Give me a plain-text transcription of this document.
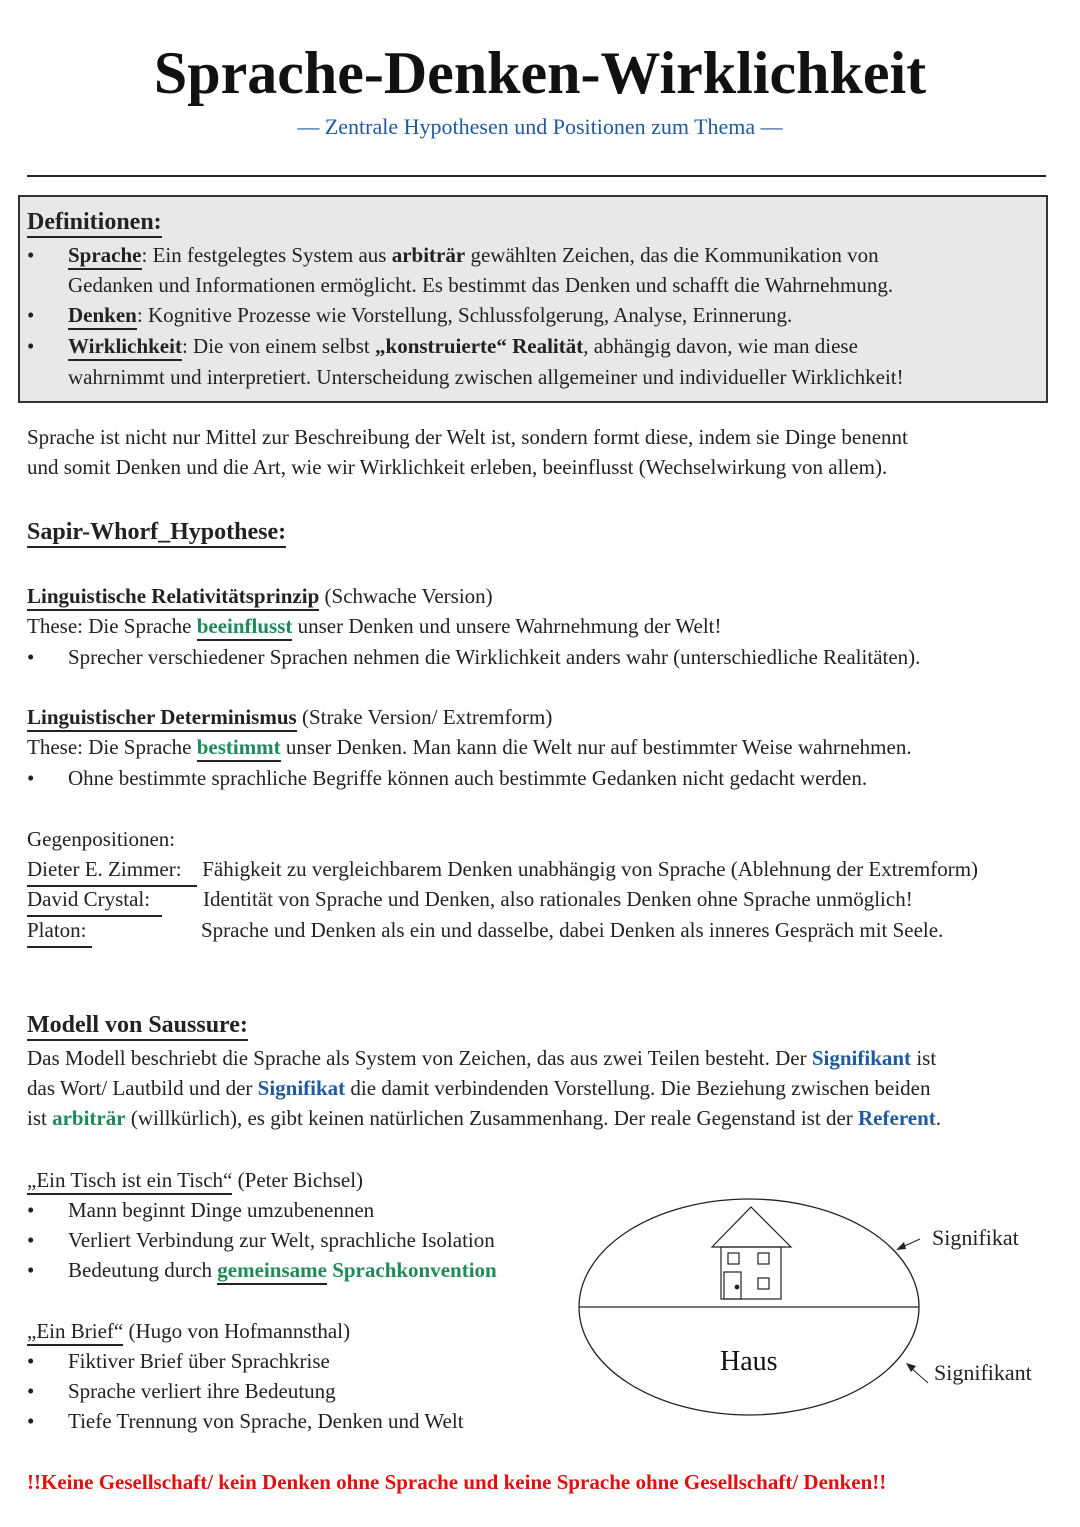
Sprache-Denken-Wirklichkeit
— Zentrale Hypothesen und Positionen zum Thema —
Definitionen:
• Sprache: Ein festgelegtes System aus arbiträr gewählten Zeichen, das die Kommunikation von
Gedanken und Informationen ermöglicht. Es bestimmt das Denken und schafft die Wahrnehmung.
• Denken: Kognitive Prozesse wie Vorstellung, Schlussfolgerung, Analyse, Erinnerung.
• Wirklichkeit: Die von einem selbst „konstruierte“ Realität, abhängig davon, wie man diese
wahrnimmt und interpretiert. Unterscheidung zwischen allgemeiner und individueller Wirklichkeit!
Sprache ist nicht nur Mittel zur Beschreibung der Welt ist, sondern formt diese, indem sie Dinge benennt
und somit Denken und die Art, wie wir Wirklichkeit erleben, beeinflusst (Wechselwirkung von allem).
Sapir-Whorf_Hypothese:
Linguistische Relativitätsprinzip (Schwache Version)
These: Die Sprache beeinflusst unser Denken und unsere Wahrnehmung der Welt!
• Sprecher verschiedener Sprachen nehmen die Wirklichkeit anders wahr (unterschiedliche Realitäten).
Linguistischer Determinismus (Strake Version/ Extremform)
These: Die Sprache bestimmt unser Denken. Man kann die Welt nur auf bestimmter Weise wahrnehmen.
• Ohne bestimmte sprachliche Begriffe können auch bestimmte Gedanken nicht gedacht werden.
Gegenpositionen:
Dieter E. Zimmer: Fähigkeit zu vergleichbarem Denken unabhängig von Sprache (Ablehnung der Extremform)
David Crystal:	Identität von Sprache und Denken, also rationales Denken ohne Sprache unmöglich!
Platon:	Sprache und Denken als ein und dasselbe, dabei Denken als inneres Gespräch mit Seele.
Modell von Saussure:
Das Modell beschriebt die Sprache als System von Zeichen, das aus zwei Teilen besteht. Der Signifikant ist
das Wort/ Lautbild und der Signifikat die damit verbindenden Vorstellung. Die Beziehung zwischen beiden
ist arbiträr (willkürlich), es gibt keinen natürlichen Zusammenhang. Der reale Gegenstand ist der Referent.
„Ein Tisch ist ein Tisch“ (Peter Bichsel)
• Mann beginnt Dinge umzubenennen
• Verliert Verbindung zur Welt, sprachliche Isolation
• Bedeutung durch gemeinsame Sprachkonvention
„Ein Brief“ (Hugo von Hofmannsthal)
• Fiktiver Brief über Sprachkrise
• Sprache verliert ihre Bedeutung
• Tiefe Trennung von Sprache, Denken und Welt
Haus
Signifikat
Signifikant
!!Keine Gesellschaft/ kein Denken ohne Sprache und keine Sprache ohne Gesellschaft/ Denken!!
